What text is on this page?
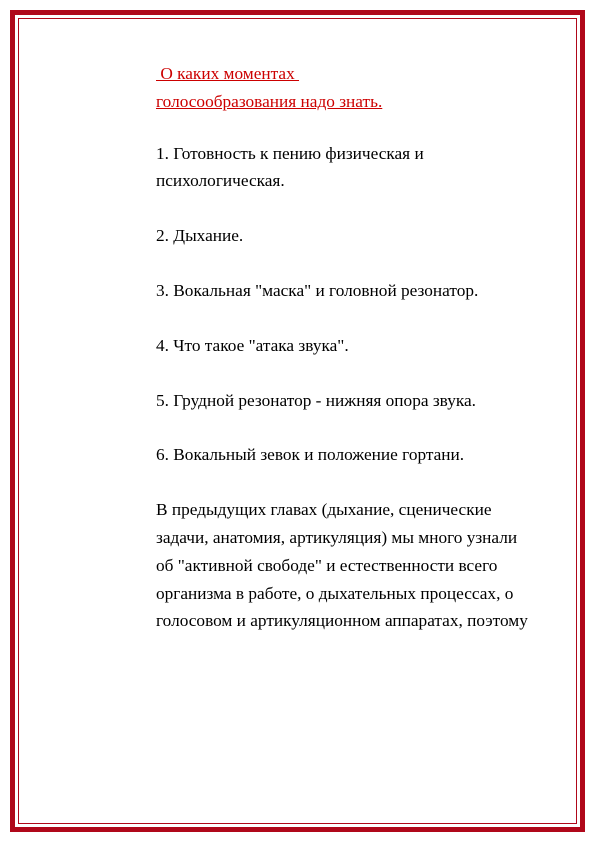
О каких моментах
голосообразования надо знать.
1. Готовность к пению физическая и психологическая.
2. Дыхание.
3. Вокальная "маска" и головной резонатор.
4. Что такое "атака звука".
5. Грудной резонатор - нижняя опора звука.
6. Вокальный зевок и положение гортани.

В предыдущих главах (дыхание, сценические задачи, анатомия, артикуляция) мы много узнали об "активной свободе" и естественности всего организма в работе, о дыхательных процессах, о голосовом и артикуляционном аппаратах, поэтому
